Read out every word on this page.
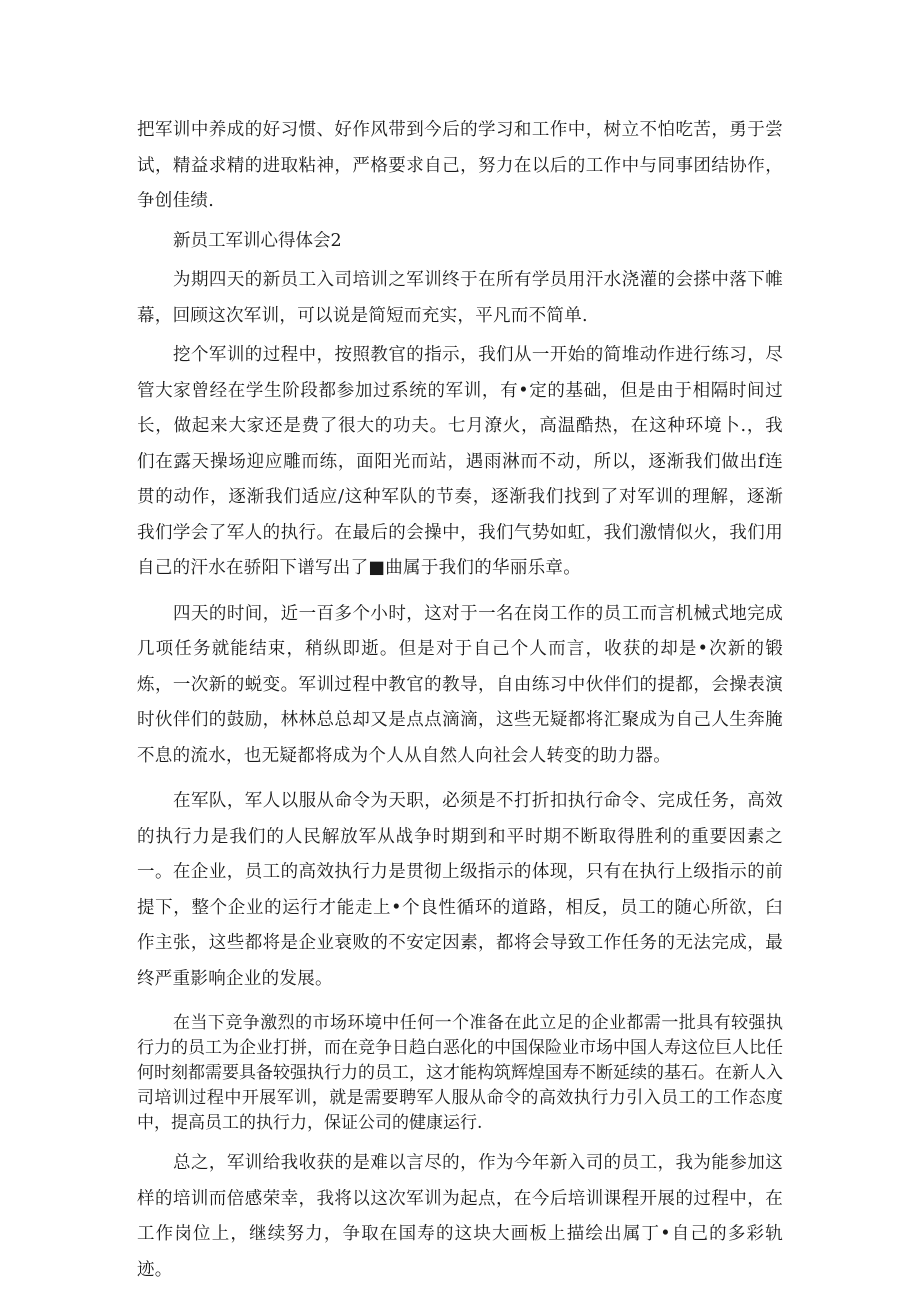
把军训中养成的好习惯、好作风带到今后的学习和工作中，树立不怕吃苦，勇于尝试，精益求精的进取粘神，严格要求自己，努力在以后的工作中与同事团结协作，争创佳绩.

新员工军训心得体会2

为期四天的新员工入司培训之军训终于在所有学员用汗水浇灌的会搽中落下帷幕，回顾这次军训，可以说是简短而充实，平凡而不简单.

挖个军训的过程中，按照教官的指示，我们从一开始的简堆动作进行练习，尽管大家曾经在学生阶段都参加过系统的军训，有•定的基础，但是由于相隔时间过长，做起来大家还是费了很大的功夫。七月潦火，高温酷热，在这种环境卜.，我们在露天操场迎应雕而练，面阳光而站，遇雨淋而不动，所以，逐渐我们做出f连贯的动作，逐渐我们适应/这种军队的节奏，逐渐我们找到了对军训的理解，逐渐我们学会了军人的执行。在最后的会操中，我们气势如虹，我们激情似火，我们用自己的汗水在骄阳下谱写出了■曲属于我们的华丽乐章。

四天的时间，近一百多个小时，这对于一名在岗工作的员工而言机械式地完成几项任务就能结束，稍纵即逝。但是对于自己个人而言，收获的却是•次新的锻炼，一次新的蜕变。军训过程中教官的教导，自由练习中伙伴们的提都，会操表演时伙伴们的鼓励，林林总总却又是点点滴滴，这些无疑都将汇聚成为自己人生奔腌不息的流水，也无疑都将成为个人从自然人向社会人转变的助力器。

在军队，军人以服从命令为天职，必须是不打折扣执行命令、完成任务，高效的执行力是我们的人民解放军从战争时期到和平时期不断取得胜利的重要因素之一。在企业，员工的高效执行力是贯彻上级指示的体现，只有在执行上级指示的前提下，整个企业的运行才能走上•个良性循环的道路，相反，员工的随心所欲，臼作主张，这些都将是企业衰败的不安定因素，都将会导致工作任务的无法完成，最终严重影响企业的发展。

在当下竞争激烈的市场环境中任何一个准备在此立足的企业都需一批具有较强执行力的员工为企业打拼，而在竞争日趋白恶化的中国保险业市场中国人寿这位巨人比任何时刻都需要具备较强执行力的员工，这才能构筑辉煌国寿不断延续的基石。在新人入司培训过程中开展军训，就是需要聘军人服从命令的高效执行力引入员工的工作态度中，提高员工的执行力，保证公司的健康运行.

总之，军训给我收获的是难以言尽的，作为今年新入司的员工，我为能参加这样的培训而倍感荣幸，我将以这次军训为起点，在今后培训课程开展的过程中，在工作岗位上，继续努力，争取在国寿的这块大画板上描绘出属丁•自己的多彩轨迹。
